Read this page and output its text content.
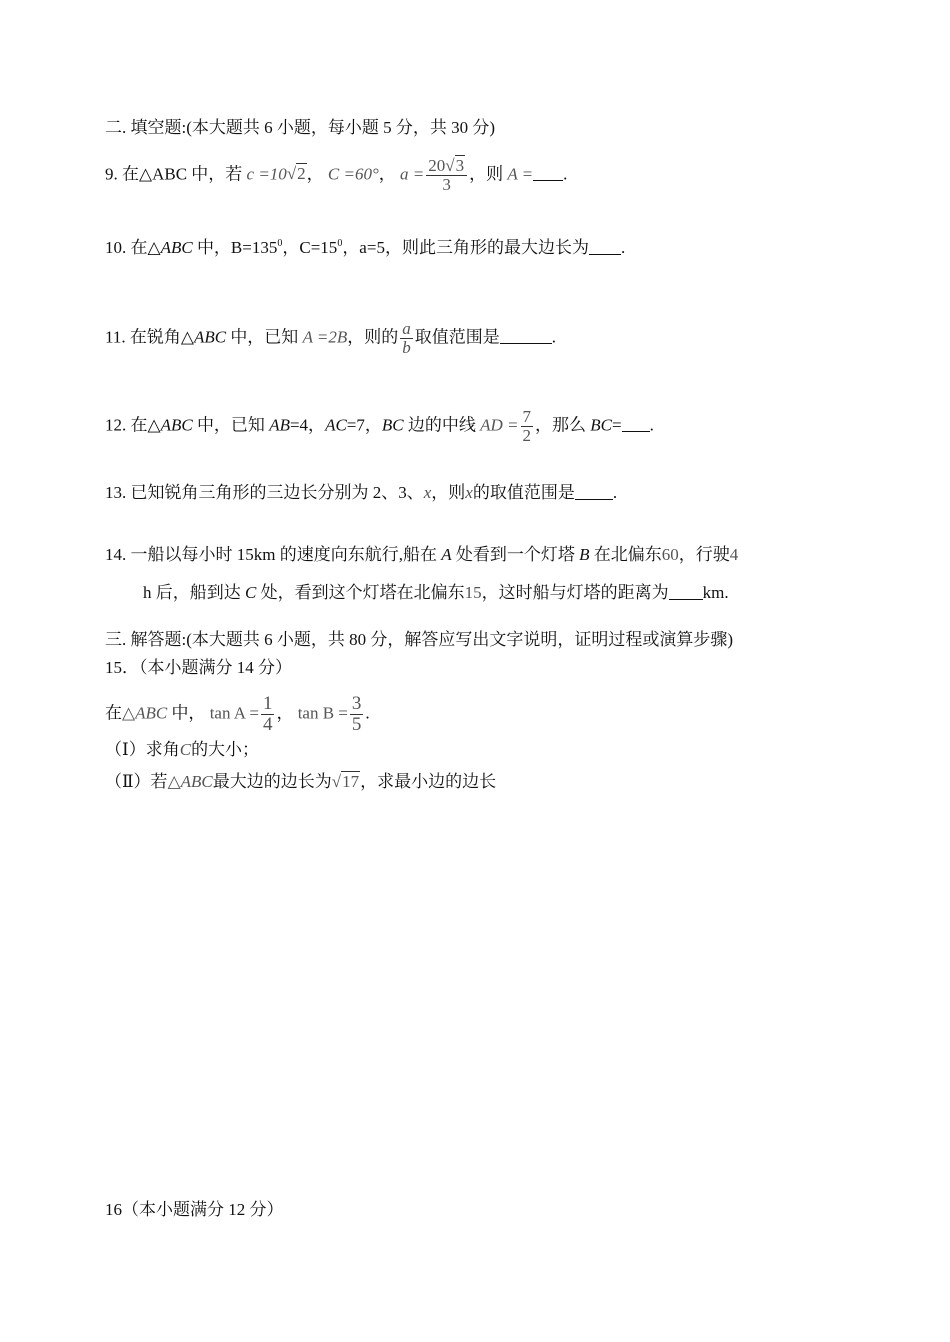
二. 填空题:(本大题共 6 小题，每小题 5 分，共 30 分)
9. 在△ABC 中，若 c =10√2， C =60°， $a = \frac{20√3}{3}$ ，则 A = .
10. 在△ABC 中，$B=135^0$，$C=15^0$，a=5，则此三角形的最大边长为 .
11. 在锐角△ABC 中，已知 A =2B，则的 $\frac{a}{b}$ 取值范围是	.
12. 在△ABC 中，已知 AB=4，AC=7，BC 边的中线 AD = $\frac{7}{2}$ ，那么 BC= .
13. 已知锐角三角形的三边长分别为 2、3、x，则x的取值范围是 .
14. 一船以每小时 15km 的速度向东航行,船在 A 处看到一个灯塔 B 在北偏东60，行驶4
h 后，船到达 C 处，看到这个灯塔在北偏东15，这时船与灯塔的距离为 km.
三. 解答题:(本大题共 6 小题，共 80 分，解答应写出文字说明，证明过程或演算步骤)
15．（本小题满分 14 分）
在△ABC 中， $\tan A = \frac{1}{4}$ ， $\tan B = \frac{3}{5}$ .
（Ⅰ）求角C的大小；
（Ⅱ）若△ABC最大边的边长为√17，求最小边的边长
16（本小题满分 12 分）
